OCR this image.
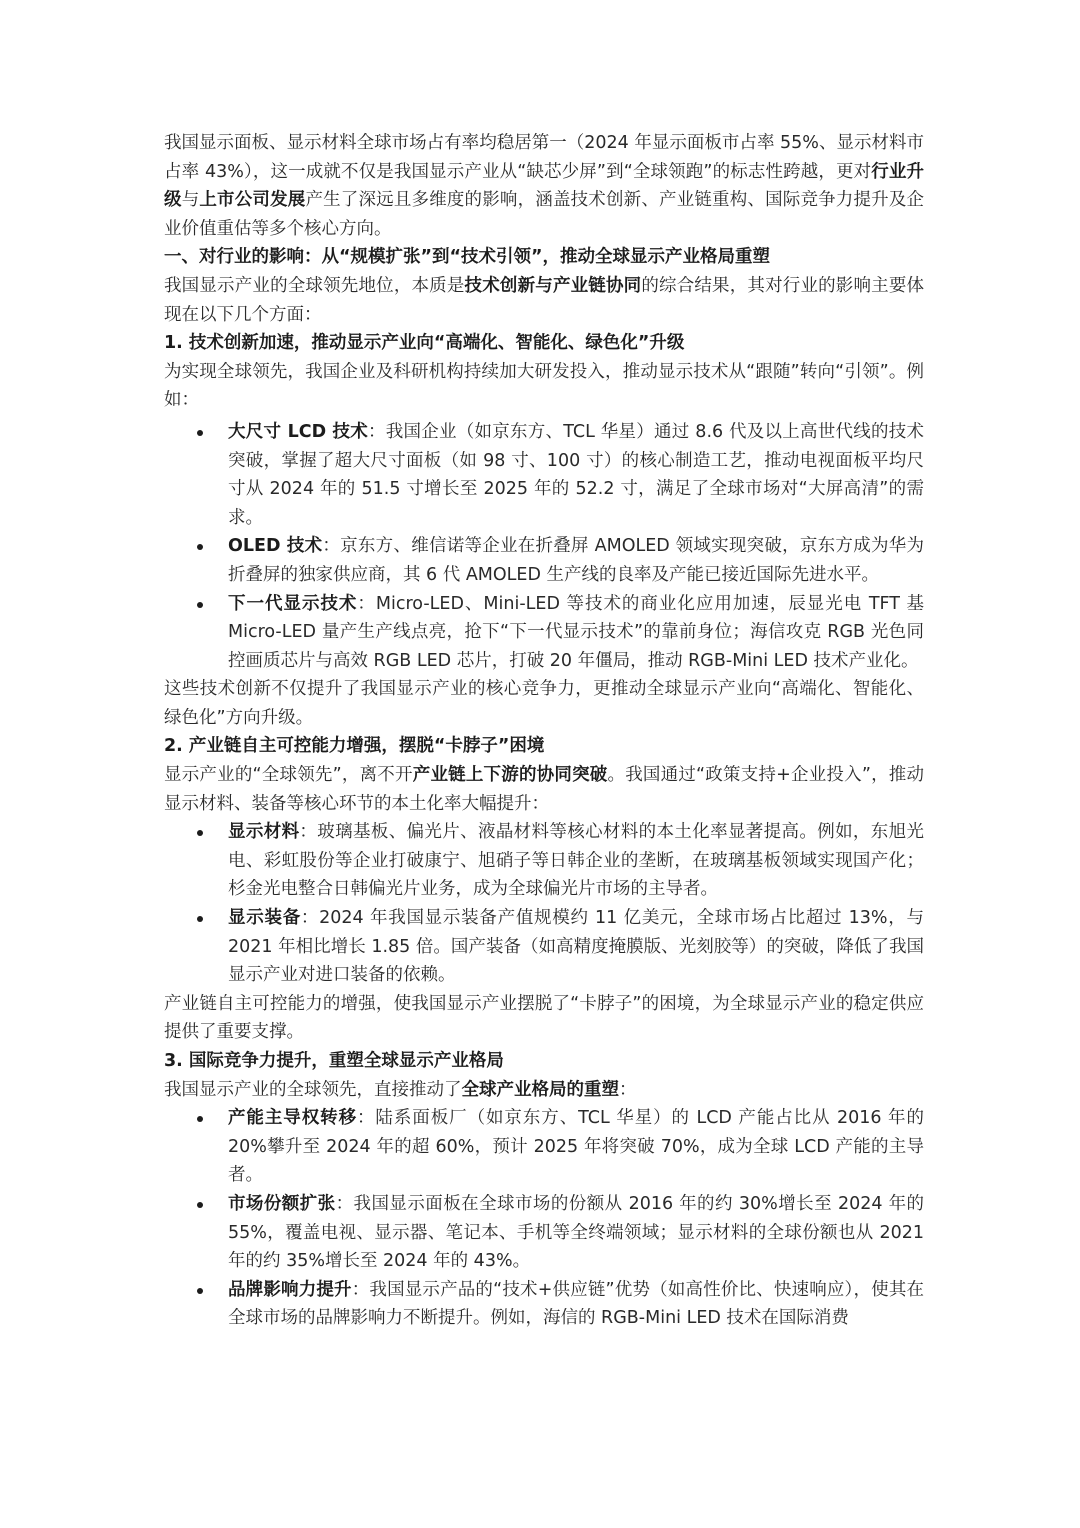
我国显示面板、显示材料全球市场占有率均稳居第一（2024 年显示面板市占率 55%、显示材料市占率 43%），这一成就不仅是我国显示产业从“缺芯少屏”到“全球领跑”的标志性跨越，更对行业升级与上市公司发展产生了深远且多维度的影响，涵盖技术创新、产业链重构、国际竞争力提升及企业价值重估等多个核心方向。

一、对行业的影响：从“规模扩张”到“技术引领”，推动全球显示产业格局重塑

我国显示产业的全球领先地位，本质是技术创新与产业链协同的综合结果，其对行业的影响主要体现在以下几个方面：

1. 技术创新加速，推动显示产业向“高端化、智能化、绿色化”升级

为实现全球领先，我国企业及科研机构持续加大研发投入，推动显示技术从“跟随”转向“引领”。例如：

大尺寸 LCD 技术：我国企业（如京东方、TCL 华星）通过 8.6 代及以上高世代线的技术突破，掌握了超大尺寸面板（如 98 寸、100 寸）的核心制造工艺，推动电视面板平均尺寸从 2024 年的 51.5 寸增长至 2025 年的 52.2 寸，满足了全球市场对“大屏高清”的需求。
OLED 技术：京东方、维信诺等企业在折叠屏 AMOLED 领域实现突破，京东方成为华为折叠屏的独家供应商，其 6 代 AMOLED 生产线的良率及产能已接近国际先进水平。
下一代显示技术：Micro-LED、Mini-LED 等技术的商业化应用加速，辰显光电 TFT 基 Micro-LED 量产生产线点亮，抢下“下一代显示技术”的靠前身位；海信攻克 RGB 光色同控画质芯片与高效 RGB LED 芯片，打破 20 年僵局，推动 RGB-Mini LED 技术产业化。

这些技术创新不仅提升了我国显示产业的核心竞争力，更推动全球显示产业向“高端化、智能化、绿色化”方向升级。

2. 产业链自主可控能力增强，摆脱“卡脖子”困境

显示产业的“全球领先”，离不开产业链上下游的协同突破。我国通过“政策支持+企业投入”，推动显示材料、装备等核心环节的本土化率大幅提升：

显示材料：玻璃基板、偏光片、液晶材料等核心材料的本土化率显著提高。例如，东旭光电、彩虹股份等企业打破康宁、旭硝子等日韩企业的垄断，在玻璃基板领域实现国产化；杉金光电整合日韩偏光片业务，成为全球偏光片市场的主导者。
显示装备：2024 年我国显示装备产值规模约 11 亿美元，全球市场占比超过 13%，与 2021 年相比增长 1.85 倍。国产装备（如高精度掩膜版、光刻胶等）的突破，降低了我国显示产业对进口装备的依赖。

产业链自主可控能力的增强，使我国显示产业摆脱了“卡脖子”的困境，为全球显示产业的稳定供应提供了重要支撑。

3. 国际竞争力提升，重塑全球显示产业格局

我国显示产业的全球领先，直接推动了全球产业格局的重塑：

产能主导权转移：陆系面板厂（如京东方、TCL 华星）的 LCD 产能占比从 2016 年的 20%攀升至 2024 年的超 60%，预计 2025 年将突破 70%，成为全球 LCD 产能的主导者。
市场份额扩张：我国显示面板在全球市场的份额从 2016 年的约 30%增长至 2024 年的 55%，覆盖电视、显示器、笔记本、手机等全终端领域；显示材料的全球份额也从 2021 年的约 35%增长至 2024 年的 43%。
品牌影响力提升：我国显示产品的“技术+供应链”优势（如高性价比、快速响应），使其在全球市场的品牌影响力不断提升。例如，海信的 RGB-Mini LED 技术在国际消费
